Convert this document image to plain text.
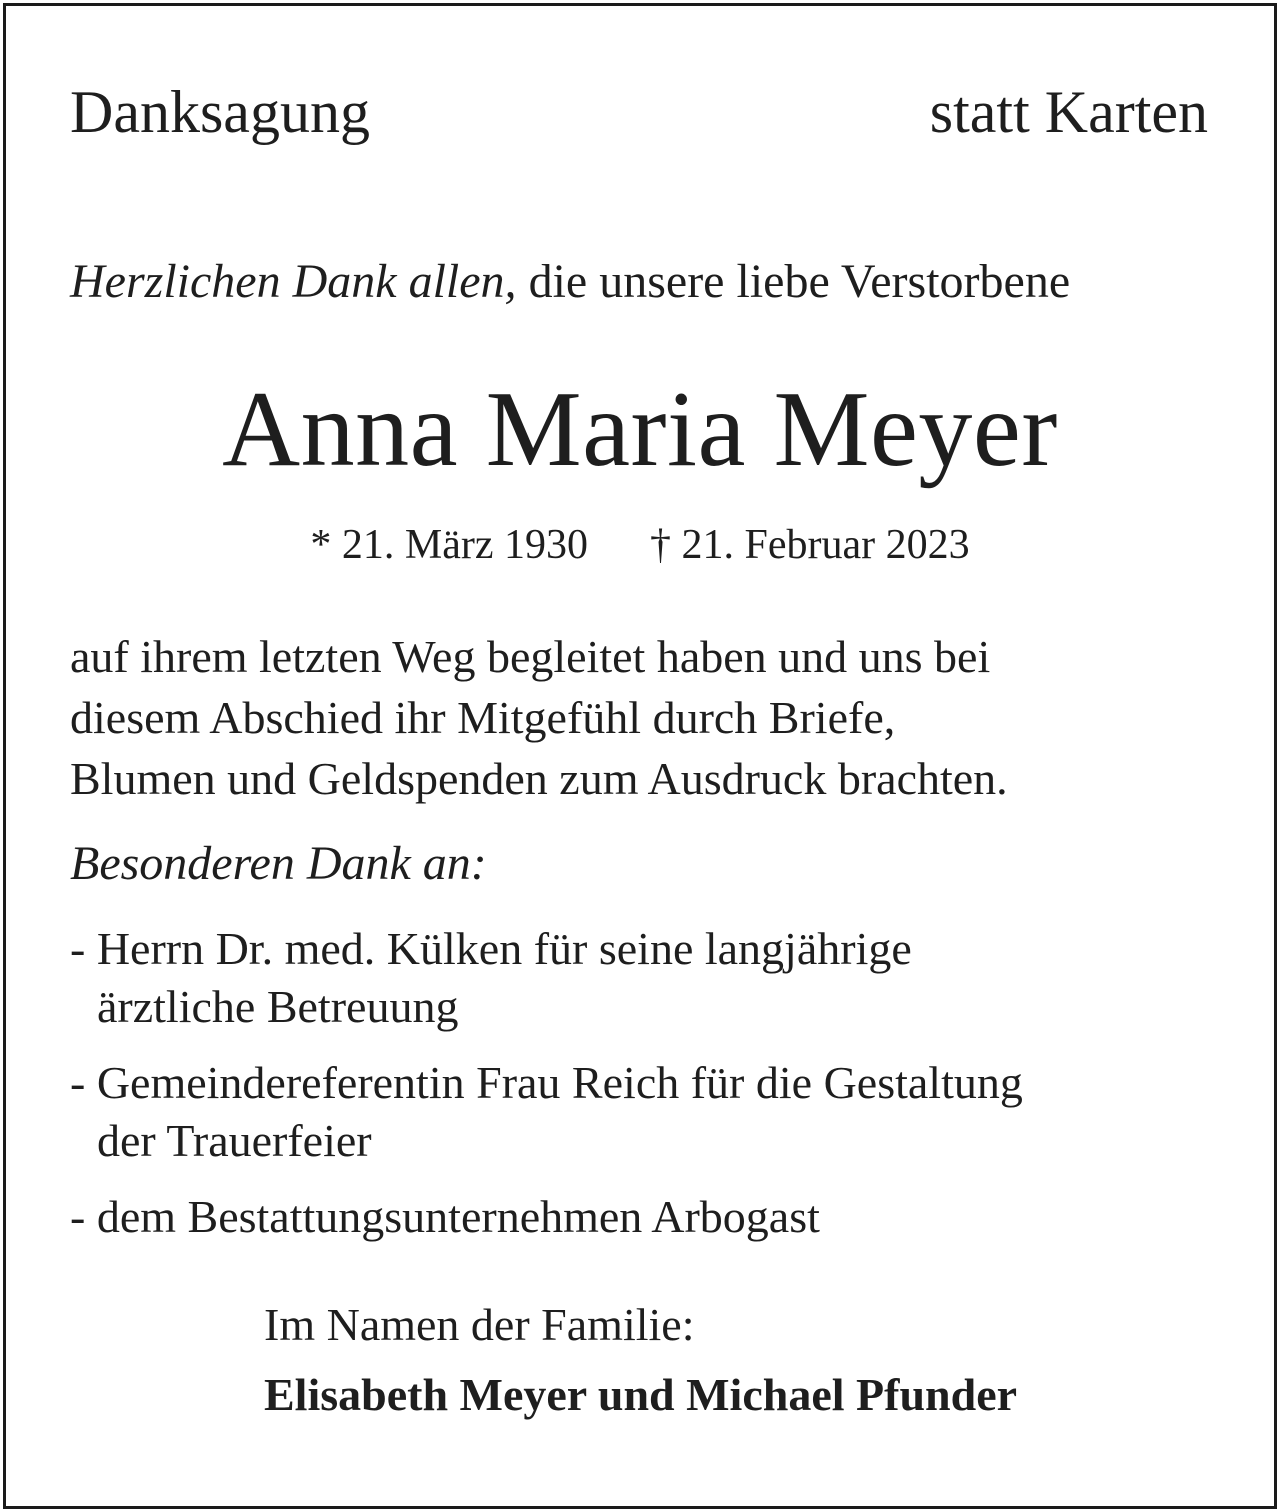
Danksagung	statt Karten
Herzlichen Dank allen, die unsere liebe Verstorbene
Anna Maria Meyer
* 21. März 1930 † 21. Februar 2023
auf ihrem letzten Weg begleitet haben und uns bei
diesem Abschied ihr Mitgefühl durch Briefe,
Blumen und Geldspenden zum Ausdruck brachten.
Besonderen Dank an:
- Herrn Dr. med. Külken für seine langjährige
ärztliche Betreuung
- Gemeindereferentin Frau Reich für die Gestaltung
der Trauerfeier
- dem Bestattungsunternehmen Arbogast
Im Namen der Familie:
Elisabeth Meyer und Michael Pfunder
